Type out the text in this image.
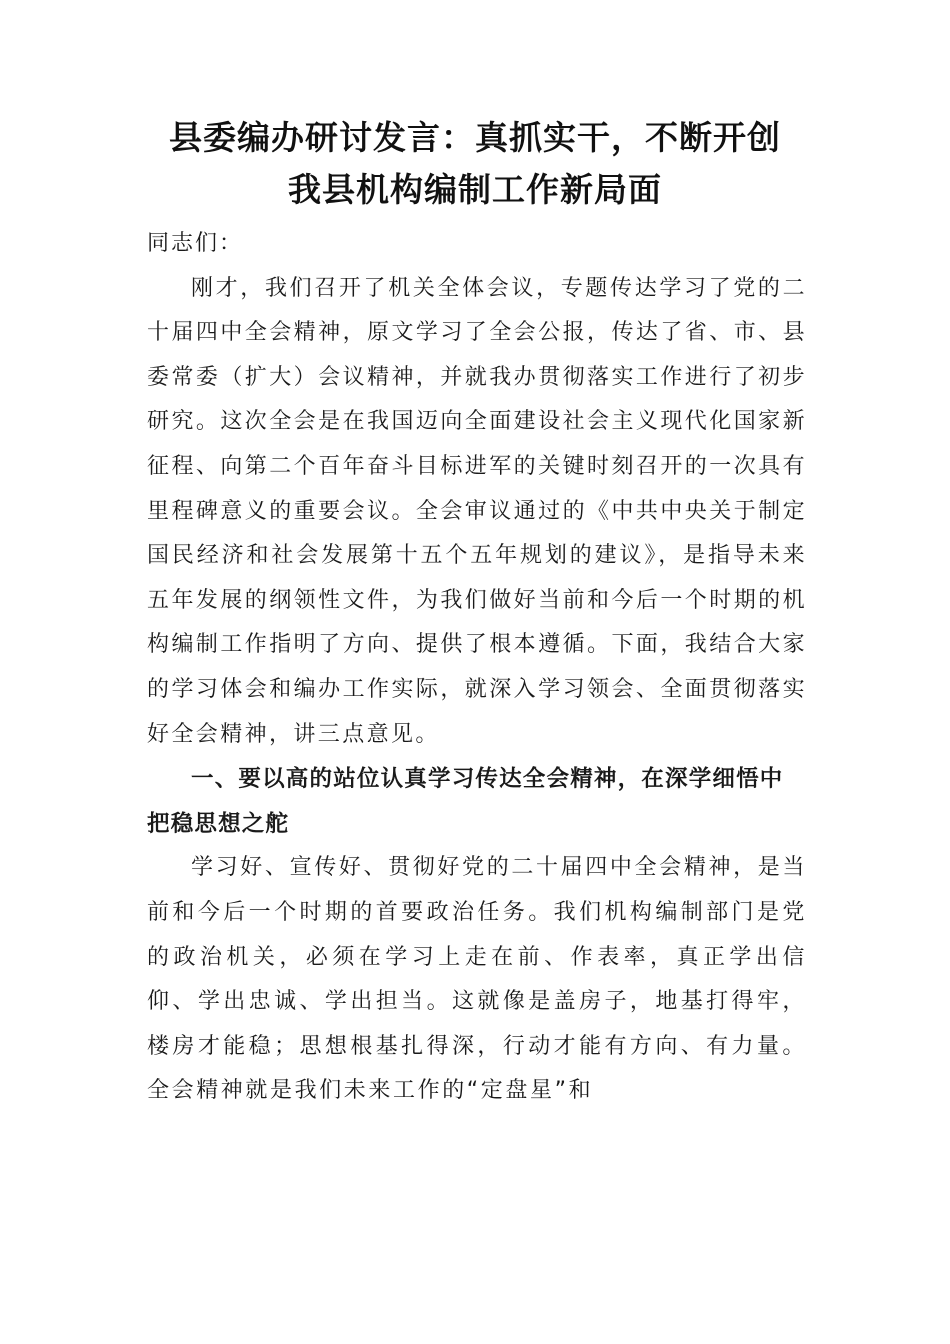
县委编办研讨发言：真抓实干，不断开创
我县机构编制工作新局面

同志们：

刚才，我们召开了机关全体会议，专题传达学习了党的二十届四中全会精神，原文学习了全会公报，传达了省、市、县委常委（扩大）会议精神，并就我办贯彻落实工作进行了初步研究。这次全会是在我国迈向全面建设社会主义现代化国家新征程、向第二个百年奋斗目标进军的关键时刻召开的一次具有里程碑意义的重要会议。全会审议通过的《中共中央关于制定国民经济和社会发展第十五个五年规划的建议》，是指导未来五年发展的纲领性文件，为我们做好当前和今后一个时期的机构编制工作指明了方向、提供了根本遵循。下面，我结合大家的学习体会和编办工作实际，就深入学习领会、全面贯彻落实好全会精神，讲三点意见。

一、要以高的站位认真学习传达全会精神，在深学细悟中把稳思想之舵

学习好、宣传好、贯彻好党的二十届四中全会精神，是当前和今后一个时期的首要政治任务。我们机构编制部门是党的政治机关，必须在学习上走在前、作表率，真正学出信仰、学出忠诚、学出担当。这就像是盖房子，地基打得牢，楼房才能稳；思想根基扎得深，行动才能有方向、有力量。全会精神就是我们未来工作的“定盘星”和
